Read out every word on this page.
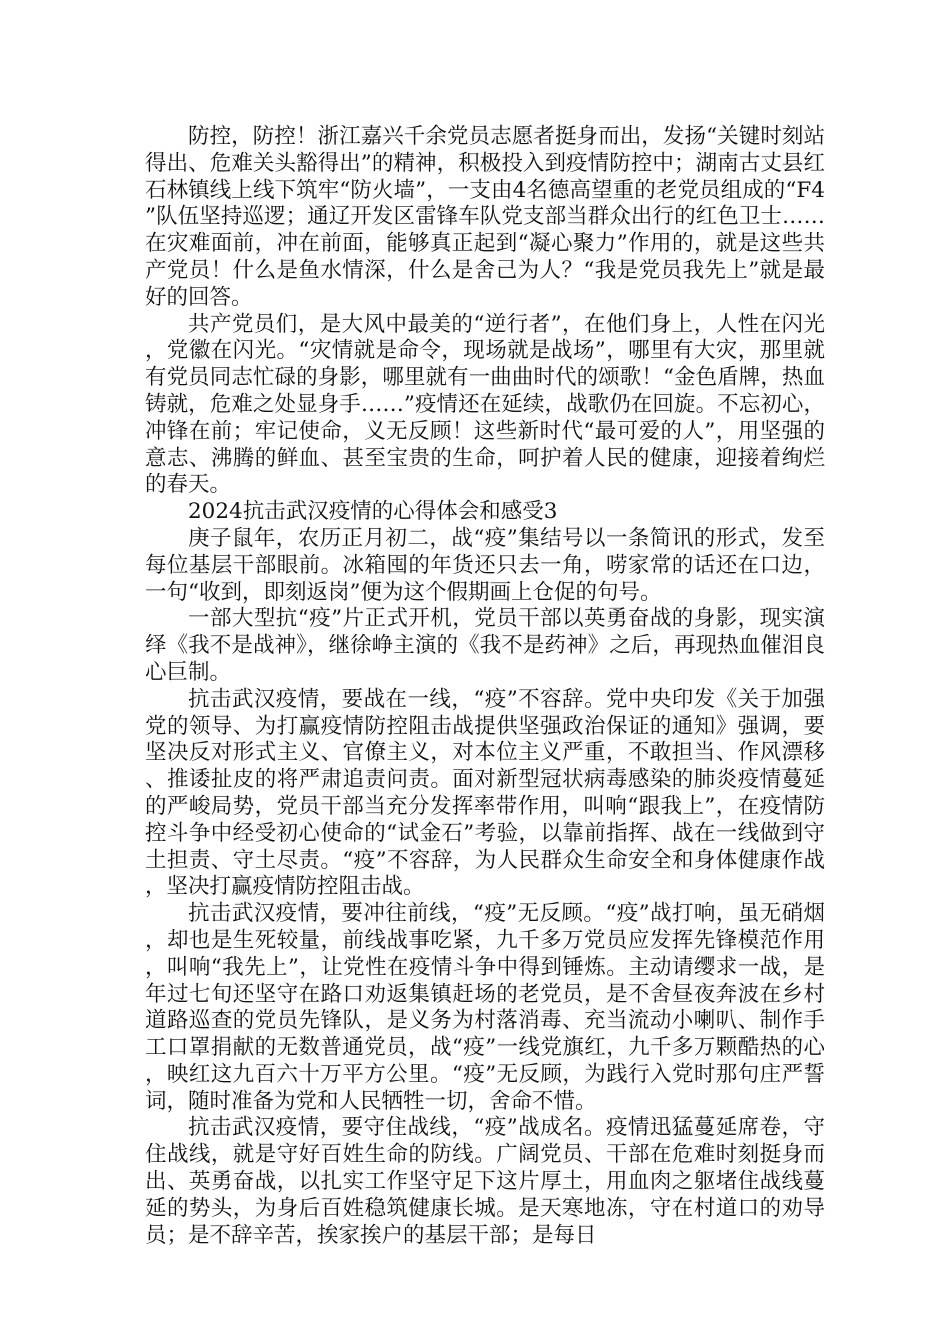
防控，防控！浙江嘉兴千余党员志愿者挺身而出，发扬“关键时刻站得出、危难关头豁得出”的精神，积极投入到疫情防控中；湖南古丈县红石林镇线上线下筑牢“防火墙”，一支由4名德高望重的老党员组成的“F4”队伍坚持巡逻；通辽开发区雷锋车队党支部当群众出行的红色卫士……在灾难面前，冲在前面，能够真正起到“凝心聚力”作用的，就是这些共产党员！什么是鱼水情深，什么是舍己为人？“我是党员我先上”就是最好的回答。

共产党员们，是大风中最美的“逆行者”，在他们身上，人性在闪光，党徽在闪光。“灾情就是命令，现场就是战场”，哪里有大灾，那里就有党员同志忙碌的身影，哪里就有一曲曲时代的颂歌！“金色盾牌，热血铸就，危难之处显身手……”疫情还在延续，战歌仍在回旋。不忘初心，冲锋在前；牢记使命，义无反顾！这些新时代“最可爱的人”，用坚强的意志、沸腾的鲜血、甚至宝贵的生命，呵护着人民的健康，迎接着绚烂的春天。

2024抗击武汉疫情的心得体会和感受3

庚子鼠年，农历正月初二，战“疫”集结号以一条简讯的形式，发至每位基层干部眼前。冰箱囤的年货还只去一角，唠家常的话还在口边，一句“收到，即刻返岗”便为这个假期画上仓促的句号。

一部大型抗“疫”片正式开机，党员干部以英勇奋战的身影，现实演绎《我不是战神》，继徐峥主演的《我不是药神》之后，再现热血催泪良心巨制。

抗击武汉疫情，要战在一线，“疫”不容辞。党中央印发《关于加强党的领导、为打赢疫情防控阻击战提供坚强政治保证的通知》强调，要坚决反对形式主义、官僚主义，对本位主义严重，不敢担当、作风漂移、推诿扯皮的将严肃追责问责。面对新型冠状病毒感染的肺炎疫情蔓延的严峻局势，党员干部当充分发挥率带作用，叫响“跟我上”，在疫情防控斗争中经受初心使命的“试金石”考验，以靠前指挥、战在一线做到守土担责、守土尽责。“疫”不容辞，为人民群众生命安全和身体健康作战，坚决打赢疫情防控阻击战。

抗击武汉疫情，要冲往前线，“疫”无反顾。“疫”战打响，虽无硝烟，却也是生死较量，前线战事吃紧，九千多万党员应发挥先锋模范作用，叫响“我先上”，让党性在疫情斗争中得到锤炼。主动请缨求一战，是年过七旬还坚守在路口劝返集镇赶场的老党员，是不舍昼夜奔波在乡村道路巡查的党员先锋队，是义务为村落消毒、充当流动小喇叭、制作手工口罩捐献的无数普通党员，战“疫”一线党旗红，九千多万颗酷热的心，映红这九百六十万平方公里。“疫”无反顾，为践行入党时那句庄严誓词，随时准备为党和人民牺牲一切，舍命不惜。

抗击武汉疫情，要守住战线，“疫”战成名。疫情迅猛蔓延席卷，守住战线，就是守好百姓生命的防线。广阔党员、干部在危难时刻挺身而出、英勇奋战，以扎实工作坚守足下这片厚土，用血肉之躯堵住战线蔓延的势头，为身后百姓稳筑健康长城。是天寒地冻，守在村道口的劝导员；是不辞辛苦，挨家挨户的基层干部；是每日
